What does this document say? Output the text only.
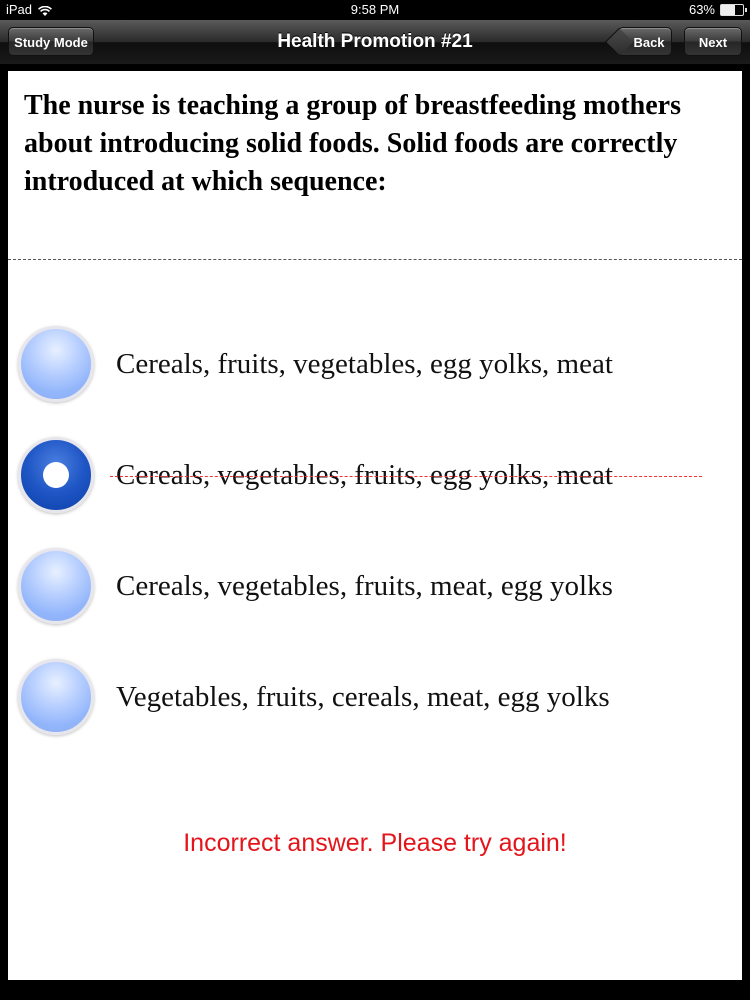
iPad	9:58 PM	63%
Study Mode	Health Promotion #21	Back	Next

The nurse is teaching a group of breastfeeding mothers about introducing solid foods. Solid foods are correctly introduced at which sequence:

Cereals, fruits, vegetables, egg yolks, meat
Cereals, vegetables, fruits, egg yolks, meat
Cereals, vegetables, fruits, meat, egg yolks
Vegetables, fruits, cereals, meat, egg yolks
Incorrect answer. Please try again!
